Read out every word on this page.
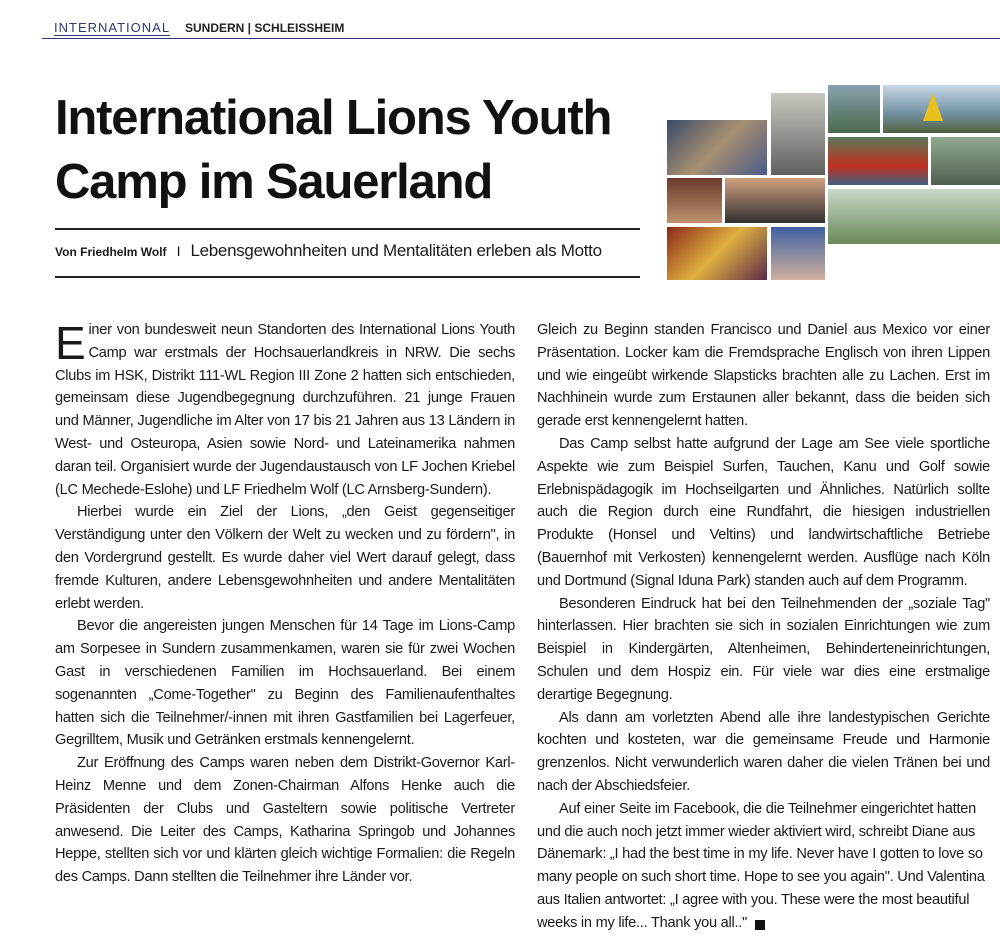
INTERNATIONAL SUNDERN | SCHLEISSHEIM
International Lions Youth Camp im Sauerland
Von Friedhelm Wolf I Lebensgewohnheiten und Mentalitäten erleben als Motto

Einer von bundesweit neun Standorten des International Lions Youth Camp war erstmals der Hochsauerlandkreis in NRW. Die sechs Clubs im HSK, Distrikt 111-WL Region III Zone 2 hatten sich entschieden, gemeinsam diese Jugendbegegnung durchzuführen. 21 junge Frauen und Männer, Jugendliche im Alter von 17 bis 21 Jahren aus 13 Ländern in West- und Osteuropa, Asien sowie Nord- und Lateinamerika nahmen daran teil. Organisiert wurde der Jugendaustausch von LF Jochen Kriebel (LC Mechede-Eslohe) und LF Friedhelm Wolf (LC Arnsberg-Sundern).

Hierbei wurde ein Ziel der Lions, „den Geist gegenseitiger Verständigung unter den Völkern der Welt zu wecken und zu fördern", in den Vordergrund gestellt. Es wurde daher viel Wert darauf gelegt, dass fremde Kulturen, andere Lebensgewohnheiten und andere Mentalitäten erlebt werden.

Bevor die angereisten jungen Menschen für 14 Tage im Lions-Camp am Sorpesee in Sundern zusammenkamen, waren sie für zwei Wochen Gast in verschiedenen Familien im Hochsauerland. Bei einem sogenannten „Come-Together" zu Beginn des Familienaufenthaltes hatten sich die Teilnehmer/-innen mit ihren Gastfamilien bei Lagerfeuer, Gegrilltem, Musik und Getränken erstmals kennengelernt.

Zur Eröffnung des Camps waren neben dem Distrikt-Governor Karl-Heinz Menne und dem Zonen-Chairman Alfons Henke auch die Präsidenten der Clubs und Gasteltern sowie politische Vertreter anwesend. Die Leiter des Camps, Katharina Springob und Johannes Heppe, stellten sich vor und klärten gleich wichtige Formalien: die Regeln des Camps. Dann stellten die Teilnehmer ihre Länder vor.

Gleich zu Beginn standen Francisco und Daniel aus Mexico vor einer Präsentation. Locker kam die Fremdsprache Englisch von ihren Lippen und wie eingeübt wirkende Slapsticks brachten alle zu Lachen. Erst im Nachhinein wurde zum Erstaunen aller bekannt, dass die beiden sich gerade erst kennengelernt hatten.

Das Camp selbst hatte aufgrund der Lage am See viele sportliche Aspekte wie zum Beispiel Surfen, Tauchen, Kanu und Golf sowie Erlebnispädagogik im Hochseilgarten und Ähnliches. Natürlich sollte auch die Region durch eine Rundfahrt, die hiesigen industriellen Produkte (Honsel und Veltins) und landwirtschaftliche Betriebe (Bauernhof mit Verkosten) kennengelernt werden. Ausflüge nach Köln und Dortmund (Signal Iduna Park) standen auch auf dem Programm.

Besonderen Eindruck hat bei den Teilnehmenden der „soziale Tag" hinterlassen. Hier brachten sie sich in sozialen Einrichtungen wie zum Beispiel in Kindergärten, Altenheimen, Behinderteneinrichtungen, Schulen und dem Hospiz ein. Für viele war dies eine erstmalige derartige Begegnung.

Als dann am vorletzten Abend alle ihre landestypischen Gerichte kochten und kosteten, war die gemeinsame Freude und Harmonie grenzenlos. Nicht verwunderlich waren daher die vielen Tränen bei und nach der Abschiedsfeier.

Auf einer Seite im Facebook, die die Teilnehmer eingerichtet hatten und die auch noch jetzt immer wieder aktiviert wird, schreibt Diane aus Dänemark: „I had the best time in my life. Never have I gotten to love so many people on such short time. Hope to see you again". Und Valentina aus Italien antwortet: „I agree with you. These were the most beautiful weeks in my life... Thank you all.."	L
